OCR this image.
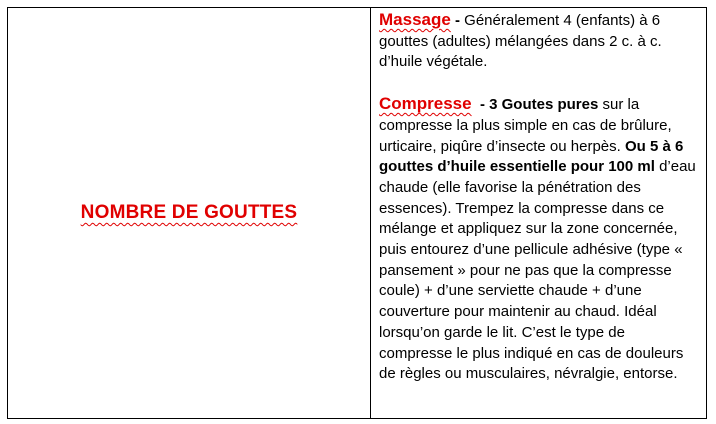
NOMBRE DE GOUTTES

Massage - Généralement 4 (enfants) à 6 gouttes (adultes) mélangées dans 2 c. à c. d’huile végétale.

Compresse  - 3 Goutes pures sur la compresse la plus simple en cas de brûlure, urticaire, piqûre d’insecte ou herpès. Ou 5 à 6 gouttes d’huile essentielle pour 100 ml d’eau chaude (elle favorise la pénétration des essences). Trempez la compresse dans ce mélange et appliquez sur la zone concernée, puis entourez d’une pellicule adhésive (type « pansement » pour ne pas que la compresse coule) + d’une serviette chaude + d’une couverture pour maintenir au chaud. Idéal lorsqu’on garde le lit. C’est le type de compresse le plus indiqué en cas de douleurs de règles ou musculaires, névralgie, entorse.
